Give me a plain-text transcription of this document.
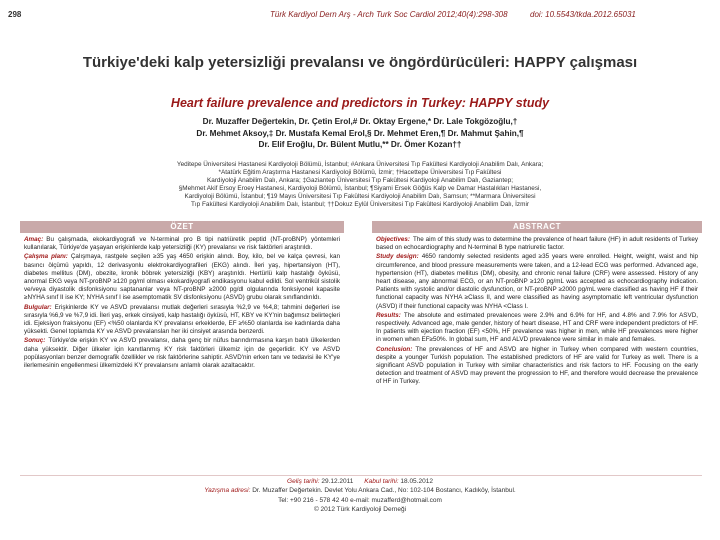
298	Türk Kardiyol Dern Arş - Arch Turk Soc Cardiol 2012;40(4):298-308	doi: 10.5543/tkda.2012.65031
Türkiye'deki kalp yetersizliği prevalansı ve öngördürücüleri: HAPPY çalışması
Heart failure prevalence and predictors in Turkey: HAPPY study
Dr. Muzaffer Değertekin, Dr. Çetin Erol,# Dr. Oktay Ergene,* Dr. Lale Tokgözoğlu,†
Dr. Mehmet Aksoy,‡ Dr. Mustafa Kemal Erol,§ Dr. Mehmet Eren,¶ Dr. Mahmut Şahin,¶
Dr. Elif Eroğlu, Dr. Bülent Mutlu,** Dr. Ömer Kozan††
Yeditepe Üniversitesi Hastanesi Kardiyoloji Bölümü, İstanbul; #Ankara Üniversitesi Tıp Fakültesi Kardiyoloji Anabilim Dalı, Ankara;
*Atatürk Eğitim Araştırma Hastanesi Kardiyoloji Bölümü, İzmir; †Hacettepe Üniversitesi Tıp Fakültesi
Kardiyoloji Anabilim Dalı, Ankara; ‡Gaziantep Üniversitesi Tıp Fakültesi Kardiyoloji Anabilim Dalı, Gaziantep;
§Mehmet Akif Ersoy Eroey Hastanesi, Kardiyoloji Bölümü, İstanbul; ¶Siyami Ersek Göğüs Kalp ve Damar Hastalıkları Hastanesi,
Kardiyoloji Bölümü, İstanbul; ¶19 Mayıs Üniversitesi Tıp Fakültesi Kardiyoloji Anabilim Dalı, Samsun; **Marmara Üniversitesi
Tıp Fakültesi Kardiyoloji Anabilim Dalı, İstanbul; ††Dokuz Eylül Üniversitesi Tıp Fakültesi Kardiyoloji Anabilim Dalı, İzmir
ÖZET

Amaç: Bu çalışmada, ekokardiyografi ve N-terminal pro B tipi natriüretik peptid (NT-proBNP) yöntemleri kullanılarak, Türkiye'de yaşayan erişkinlerde kalp yetersizliği (KY) prevalansı ve risk faktörleri araştırıldı.

Çalışma planı: Çalışmaya, rastgele seçilen ≥35 yaş 4650 erişkin alındı. Boy, kilo, bel ve kalça çevresi, kan basıncı ölçümü yapıldı, 12 derivasyonlu elektrokardiyografileri (EKG) alındı. İleri yaş, hipertansiyon (HT), diabetes mellitus (DM), obezite, kronik böbrek yetersizliği (KBY) araştırıldı. Hertürlü kalp hastalığı öyküsü, anormal EKG veya NT-proBNP ≥120 pg/ml olması ekokardiyografi endikasyonu kabul edildi. Sol ventrikül sistolik ve/veya diyastolik disfonksiyonu saptananlar veya NT-proBNP ≥2000 pg/dl olgularında fonksiyonel kapasite ≥NYHA sınıf II ise KY; NYHA sınıf I ise asemptomatik SV disfonksiyonu (ASVD) grubu olarak sınıflandırıldı.

Bulgular: Erişkinlerde KY ve ASVD prevalansı mutlak değerleri sırasıyla %2,9 ve %4,8; tahmini değerleri ise sırasıyla %6,9 ve %7,9 idi. İleri yaş, erkek cinsiyeti, kalp hastalığı öyküsü, HT, KBY ve KY'nin bağımsız belirteçleri idi. Ejeksiyon fraksiyonu (EF) <%50 olanlarda KY prevalansı erkeklerde, EF ≥%50 olanlarda ise kadınlarda daha yüksekti. Genel toplamda KY ve ASVD prevalansları her iki cinsiyet arasında benzerdi.

Sonuç: Türkiye'de erişkin KY ve ASVD prevalansı, daha genç bir nüfus barındırmasına karşın batılı ülkelerden daha yüksektir. Diğer ülkeler için kanıtlanmış KY risk faktörleri ülkemiz için de geçerlidir. KY ve ASVD popülasyonları benzer demografik özellikler ve risk faktörlerine sahiptir. ASVD'nin erken tanı ve tedavisi ile KY'ye ilerlemesinin engellenmesi ülkemizdeki KY prevalansını anlamlı olarak azaltacaktır.

ABSTRACT

Objectives: The aim of this study was to determine the prevalence of heart failure (HF) in adult residents of Turkey based on echocardiography and N-terminal B type natriuretic factor.

Study design: 4650 randomly selected residents aged ≥35 years were enrolled. Height, weight, waist and hip circumference, and blood pressure measurements were taken, and a 12-lead ECG was performed. Advanced age, hypertension (HT), diabetes mellitus (DM), obesity, and chronic renal failure (CRF) were assessed. History of any heart disease, any abnormal ECG, or an NT-proBNP ≥120 pg/mL was accepted as echocardiography indication. Patients with systolic and/or diastolic dysfunction, or NT-proBNP ≥2000 pg/mL were classified as having HF if their functional capacity was NYHA ≥Class II, and were classified as having asymptomatic left ventricular dysfunction (ASVD) if their functional capacity was NYHA <Class I.

Results: The absolute and estimated prevalences were 2.9% and 6.9% for HF, and 4.8% and 7.9% for ASVD, respectively. Advanced age, male gender, history of heart disease, HT and CRF were independent predictors of HF. In patients with ejection fraction (EF) <50%, HF prevalence was higher in men, while HF prevalences were higher in women when EF≥50%. In global sum, HF and ALVD prevalence were similar in male and females.

Conclusion: The prevalences of HF and ASVD are higher in Turkey when compared with western countries, despite a younger Turkish population. The established predictors of HF are valid for Turkey as well. There is a significant ASVD population in Turkey with similar characteristics and risk factors to HF. Focusing on the early detection and treatment of ASVD may prevent the progression to HF, and therefore would decrease the prevalence of HF in Turkey.

Geliş tarihi: 29.12.2011 Kabul tarihi: 18.05.2012
Yazışma adresi: Dr. Muzaffer Değertekin. Devlet Yolu Ankara Cad., No: 102-104 Bostancı, Kadıköy, İstanbul.
Tel: +90 216 - 578 42 40 e-mail: muzafferd@hotmail.com
© 2012 Türk Kardiyoloji Derneği
